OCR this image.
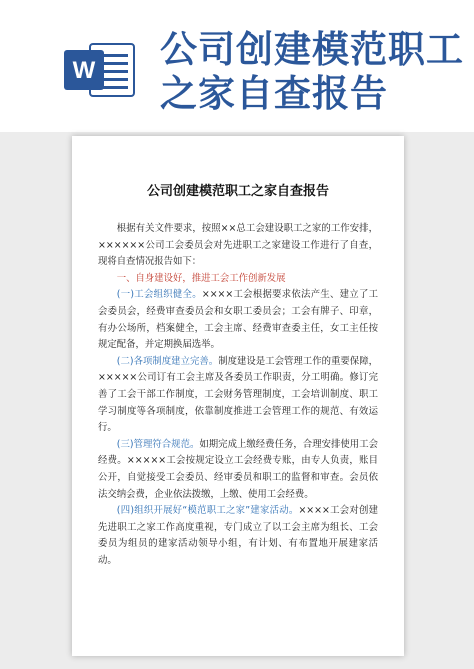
W 公司创建模范职工
之家自查报告
公司创建模范职工之家自查报告

根据有关文件要求，按照××总工会建设职工之家的工作安排，××××××公司工会委员会对先进职工之家建设工作进行了自查，现将自查情况报告如下：

一、自身建设好，推进工会工作创新发展

(一)工会组织健全。××××工会根据要求依法产生、建立了工会委员会，经费审查委员会和女职工委员会；工会有牌子、印章，有办公场所，档案健全，工会主席、经费审查委主任，女工主任按规定配备，并定期换届选举。

(二)各项制度建立完善。制度建设是工会管理工作的重要保障，×××××公司订有工会主席及各委员工作职责，分工明确。修订完善了工会干部工作制度，工会财务管理制度，工会培训制度、职工学习制度等各项制度，依靠制度推进工会管理工作的规范、有效运行。

(三)管理符合规范。如期完成上缴经费任务，合理安排使用工会经费。×××××工会按规定设立工会经费专账，由专人负责，账目公开，自觉接受工会委员、经审委员和职工的监督和审查。会员依法交纳会费，企业依法拨缴，上缴、使用工会经费。

(四)组织开展好“模范职工之家”建家活动。××××工会对创建先进职工之家工作高度重视，专门成立了以工会主席为组长、工会委员为组员的建家活动领导小组，有计划、有布置地开展建家活动。
